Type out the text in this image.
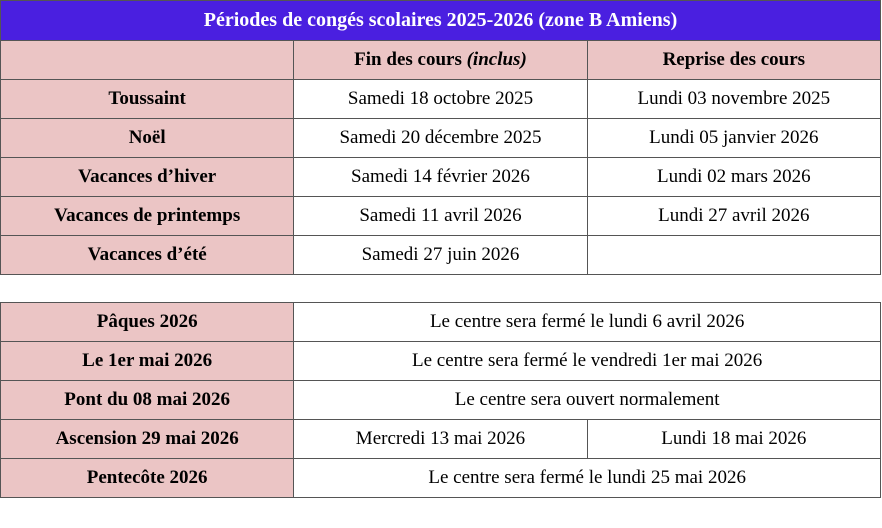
Périodes de congés scolaires 2025-2026 (zone B Amiens)		
	Fin des cours (inclus)	Reprise des cours
Toussaint	Samedi 18 octobre 2025	Lundi 03 novembre 2025
Noël	Samedi 20 décembre 2025	Lundi 05 janvier 2026
Vacances d’hiver	Samedi 14 février 2026	Lundi 02 mars 2026
Vacances de printemps	Samedi 11 avril 2026	Lundi 27 avril 2026
Vacances d’été	Samedi 27 juin 2026	
Pâques 2026	Le centre sera fermé le lundi 6 avril 2026	
Le 1er mai 2026	Le centre sera fermé le vendredi 1er mai 2026	
Pont du 08 mai 2026	Le centre sera ouvert normalement	
Ascension 29 mai 2026	Mercredi 13 mai 2026	Lundi 18 mai 2026
Pentecôte 2026	Le centre sera fermé le lundi 25 mai 2026	
